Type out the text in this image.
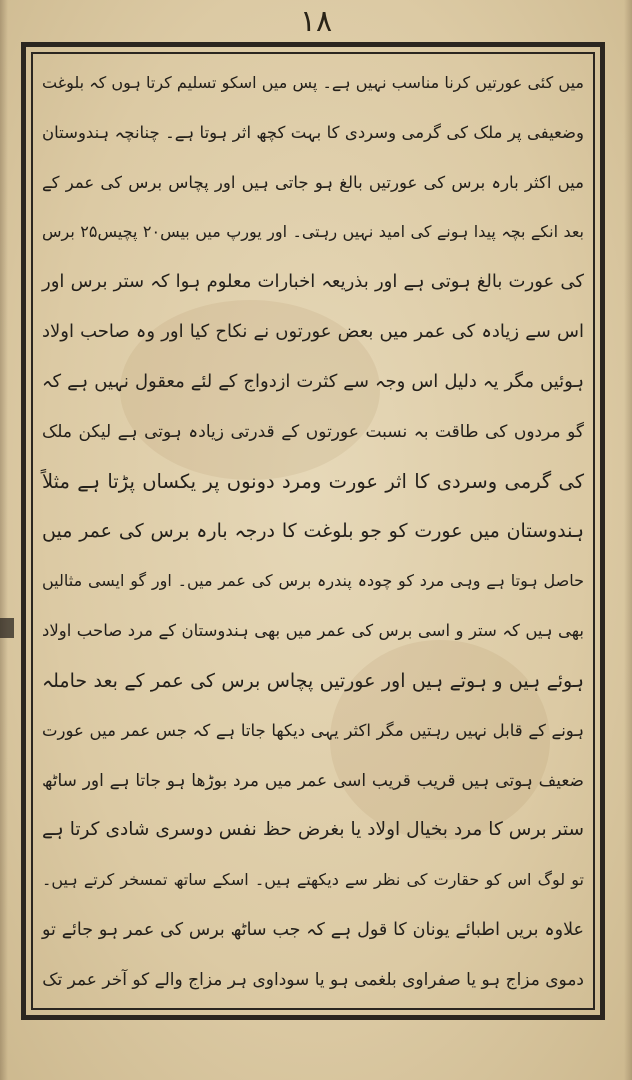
۱۸
میں کئی عورتیں کرنا مناسب نہیں ہے۔ پس میں اسکو تسلیم کرتا ہوں کہ بلوغت
وضعیفی پر ملک کی گرمی وسردی کا بہت کچھ اثر ہوتا ہے۔ چنانچہ ہندوستان
میں اکثر بارہ برس کی عورتیں بالغ ہو جاتی ہیں اور پچاس برس کی عمر کے
بعد انکے بچہ پیدا ہونے کی امید نہیں رہتی۔ اور یورپ میں بیس۲۰ پچیس۲۵ برس
کی عورت بالغ ہوتی ہے اور بذریعہ اخبارات معلوم ہوا کہ ستر برس اور
اس سے زیادہ کی عمر میں بعض عورتوں نے نکاح کیا اور وہ صاحب اولاد
ہوئیں مگر یہ دلیل اس وجہ سے کثرت ازدواج کے لئے معقول نہیں ہے کہ
گو مردوں کی طاقت بہ نسبت عورتوں کے قدرتی زیادہ ہوتی ہے لیکن ملک
کی گرمی وسردی کا اثر عورت ومرد دونوں پر یکساں پڑتا ہے مثلاً
ہندوستان میں عورت کو جو بلوغت کا درجہ بارہ برس کی عمر میں
حاصل ہوتا ہے وہی مرد کو چودہ پندرہ برس کی عمر میں۔ اور گو ایسی مثالیں
بھی ہیں کہ ستر و اسی برس کی عمر میں بھی ہندوستان کے مرد صاحب اولاد
ہوئے ہیں و ہوتے ہیں اور عورتیں پچاس برس کی عمر کے بعد حاملہ
ہونے کے قابل نہیں رہتیں مگر اکثر یہی دیکھا جاتا ہے کہ جس عمر میں عورت
ضعیف ہوتی ہیں قریب قریب اسی عمر میں مرد بوڑھا ہو جاتا ہے اور ساٹھ
ستر برس کا مرد بخیال اولاد یا بغرض حظ نفس دوسری شادی کرتا ہے
تو لوگ اس کو حقارت کی نظر سے دیکھتے ہیں۔ اسکے ساتھ تمسخر کرتے ہیں۔
علاوہ بریں اطبائے یونان کا قول ہے کہ جب ساٹھ برس کی عمر ہو جائے تو
دموی مزاج ہو یا صفراوی بلغمی ہو یا سوداوی ہر مزاج والے کو آخر عمر تک
